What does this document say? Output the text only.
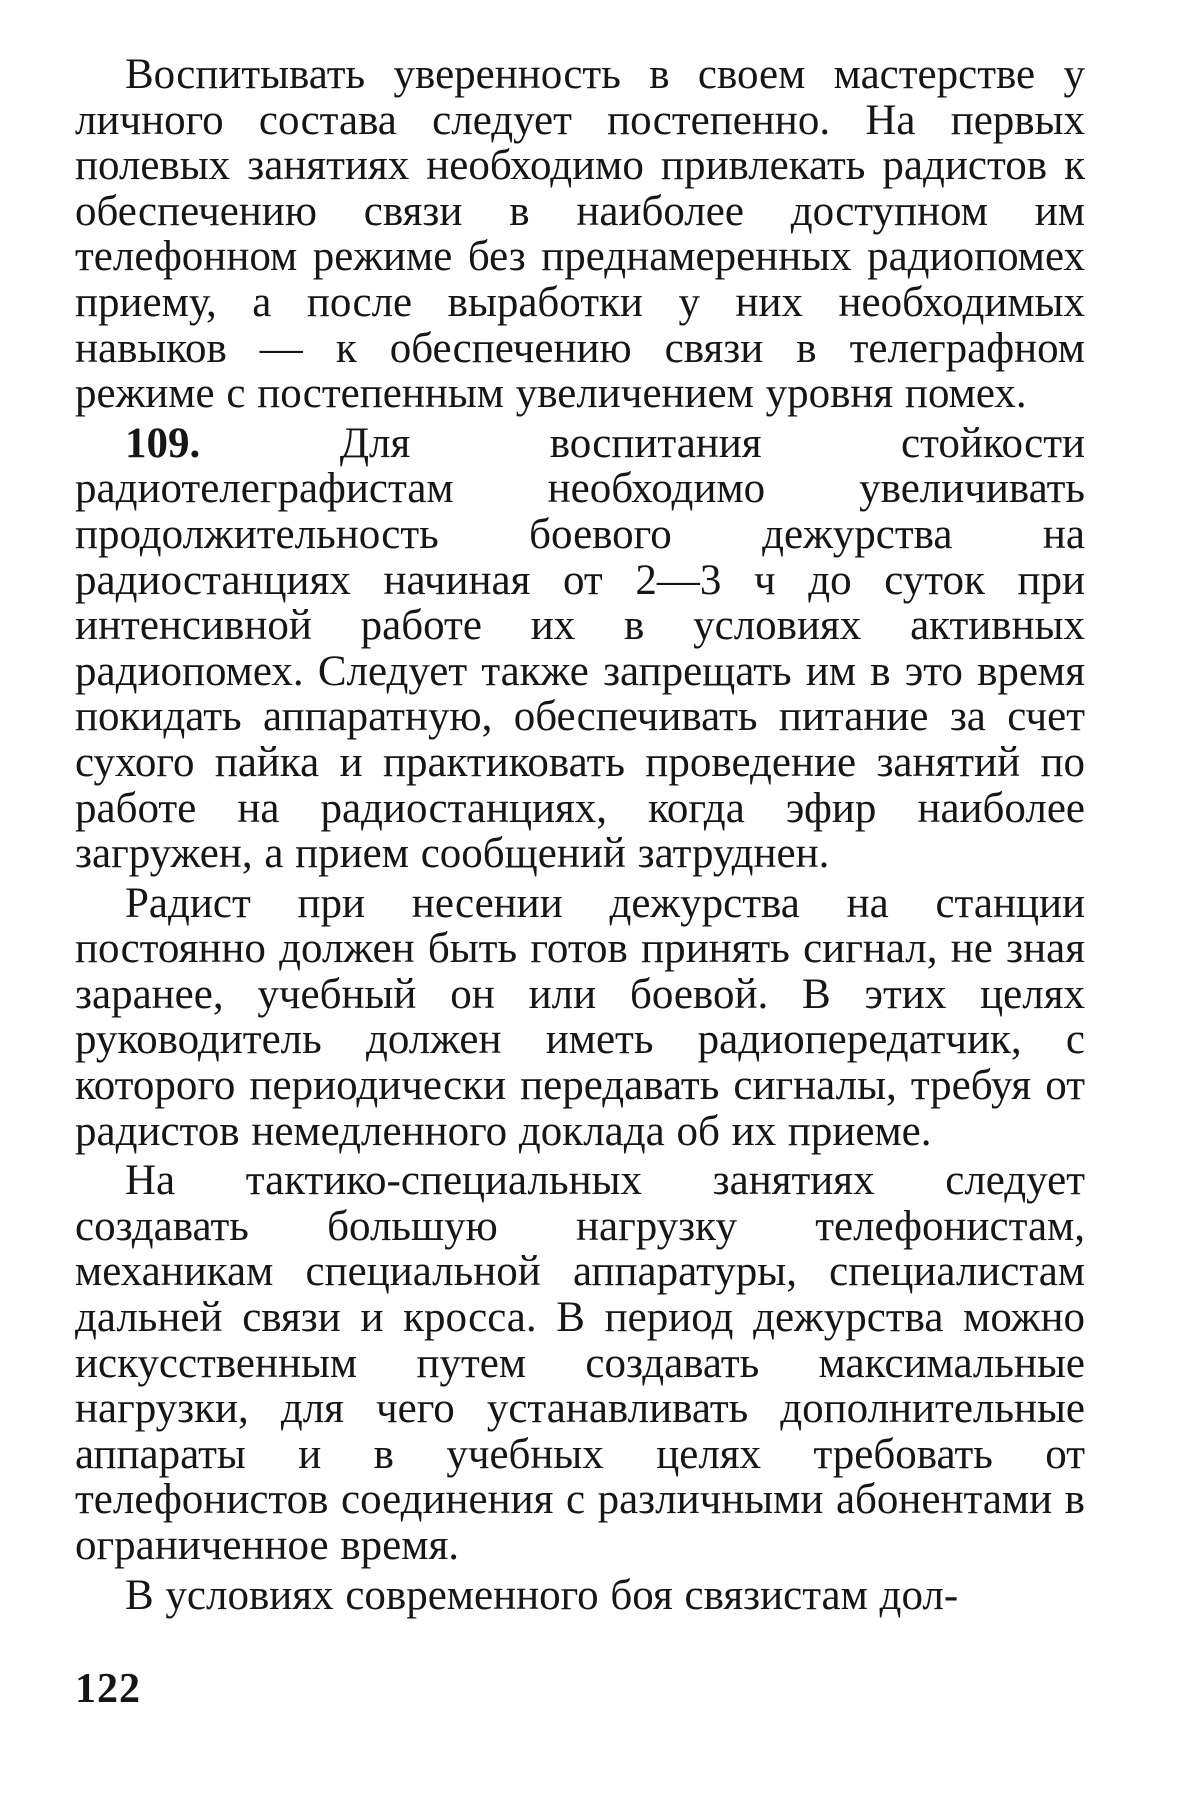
Воспитывать уверенность в своем мастерстве у личного состава следует постепенно. На первых полевых занятиях необходимо привлекать радистов к обеспечению связи в наиболее доступном им телефонном режиме без преднамеренных радиопомех приему, а после выработки у них необходимых навыков — к обеспечению связи в телеграфном режиме с постепенным увеличением уровня помех.

109.	Для воспитания стойкости радиотелеграфистам необходимо увеличивать продолжительность боевого дежурства на радиостанциях начиная от 2—3 ч до суток при интенсивной работе их в условиях активных радиопомех. Следует также запрещать им в это время покидать аппаратную, обеспечивать питание за счет сухого пайка и практиковать проведение занятий по работе на радиостанциях, когда эфир наиболее загружен, а прием сообщений затруднен.

Радист при несении дежурства на станции постоянно должен быть готов принять сигнал, не зная заранее, учебный он или боевой. В этих целях руководитель должен иметь радиопередатчик, с которого периодически передавать сигналы, требуя от радистов немедленного доклада об их приеме.

На тактико-специальных занятиях следует создавать большую нагрузку телефонистам, механикам специальной аппаратуры, специалистам дальней связи и кросса. В период дежурства можно искусственным путем создавать максимальные нагрузки, для чего устанавливать дополнительные аппараты и в учебных целях требовать от телефонистов соединения с различными абонентами в ограниченное время.

В условиях современного боя связистам дол-

122
